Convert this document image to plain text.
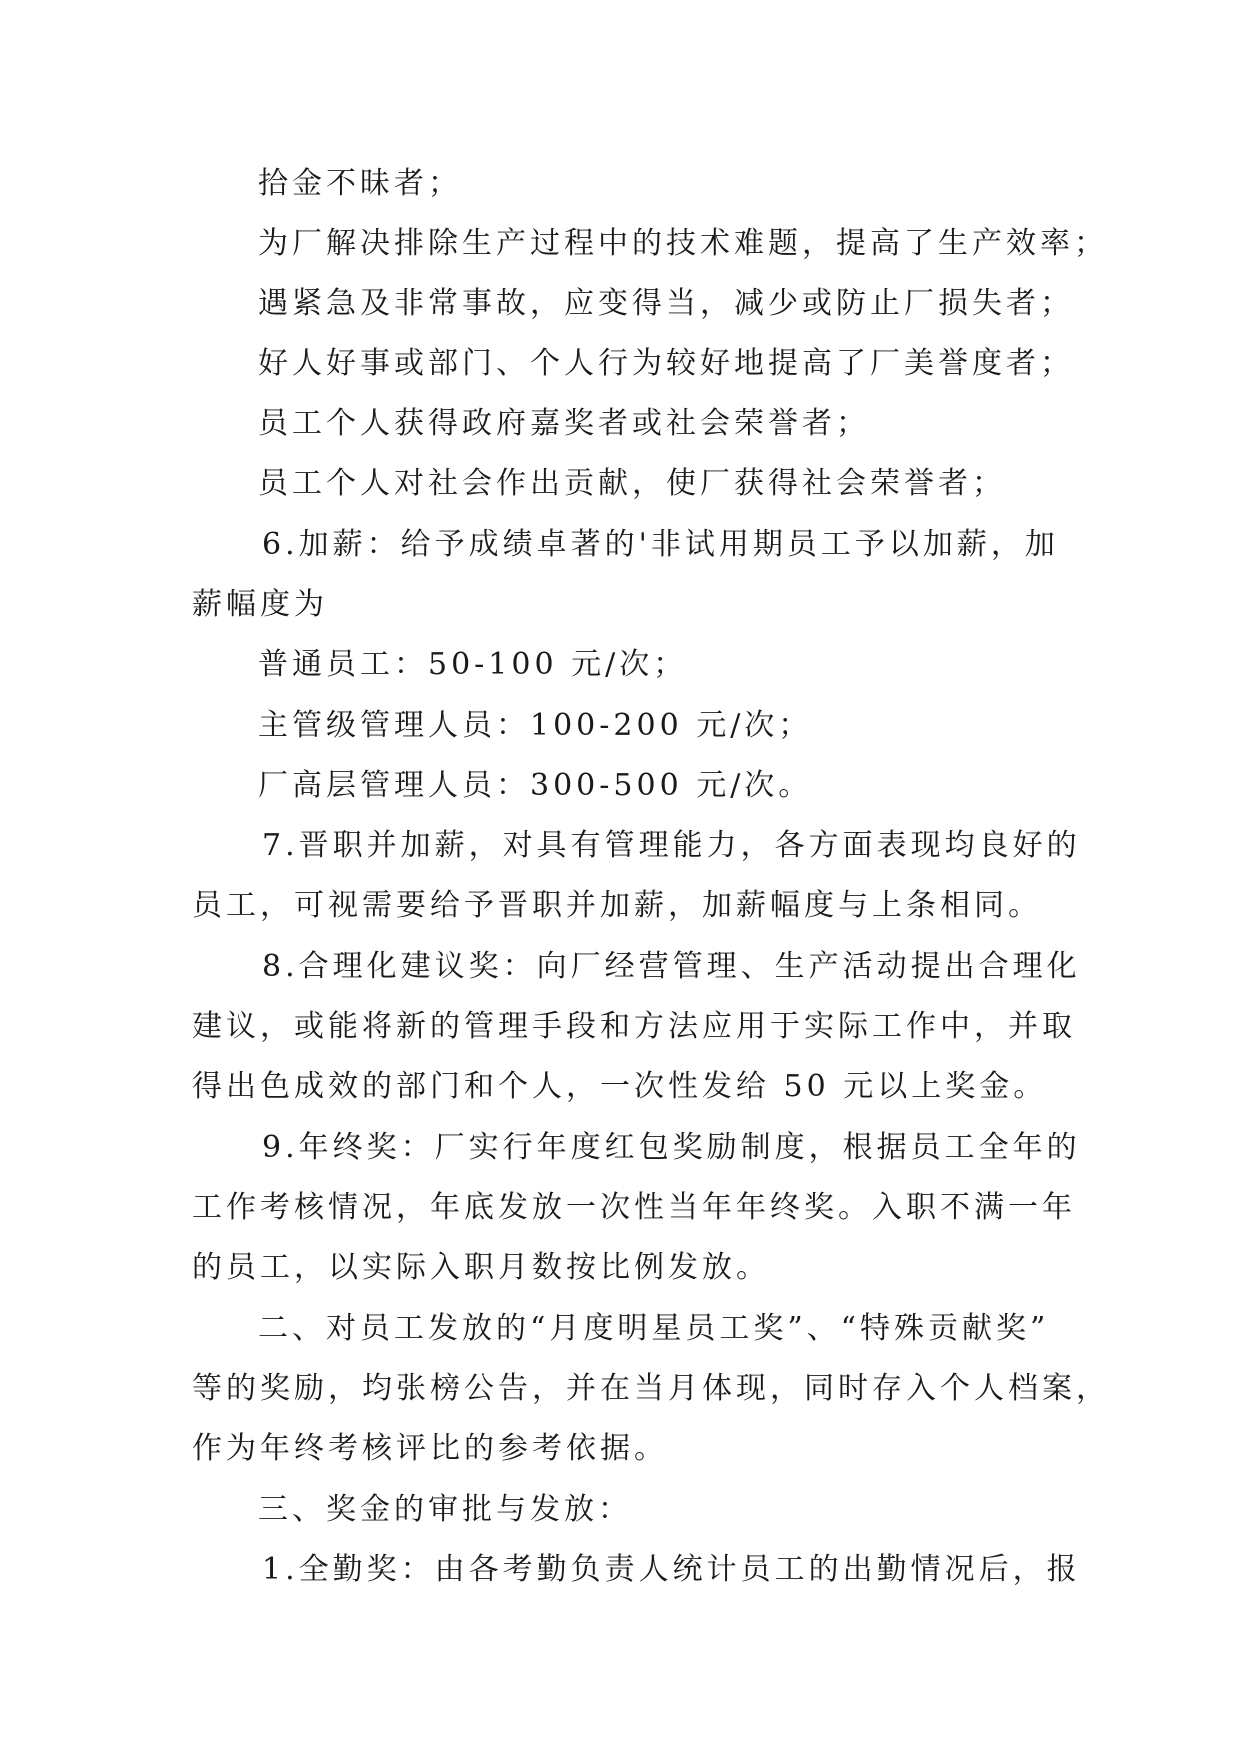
拾金不昧者；
为厂解决排除生产过程中的技术难题，提高了生产效率；
遇紧急及非常事故，应变得当，减少或防止厂损失者；
好人好事或部门、个人行为较好地提高了厂美誉度者；
员工个人获得政府嘉奖者或社会荣誉者；
员工个人对社会作出贡献，使厂获得社会荣誉者；
6.加薪：给予成绩卓著的'非试用期员工予以加薪，加
薪幅度为
普通员工：50-100 元/次；
主管级管理人员：100-200 元/次；
厂高层管理人员：300-500 元/次。
7.晋职并加薪，对具有管理能力，各方面表现均良好的
员工，可视需要给予晋职并加薪，加薪幅度与上条相同。
8.合理化建议奖：向厂经营管理、生产活动提出合理化
建议，或能将新的管理手段和方法应用于实际工作中，并取
得出色成效的部门和个人，一次性发给 50 元以上奖金。
9.年终奖：厂实行年度红包奖励制度，根据员工全年的
工作考核情况，年底发放一次性当年年终奖。入职不满一年
的员工，以实际入职月数按比例发放。
二、对员工发放的“月度明星员工奖”、“特殊贡献奖”
等的奖励，均张榜公告，并在当月体现，同时存入个人档案，
作为年终考核评比的参考依据。
三、奖金的审批与发放：
1.全勤奖：由各考勤负责人统计员工的出勤情况后，报
